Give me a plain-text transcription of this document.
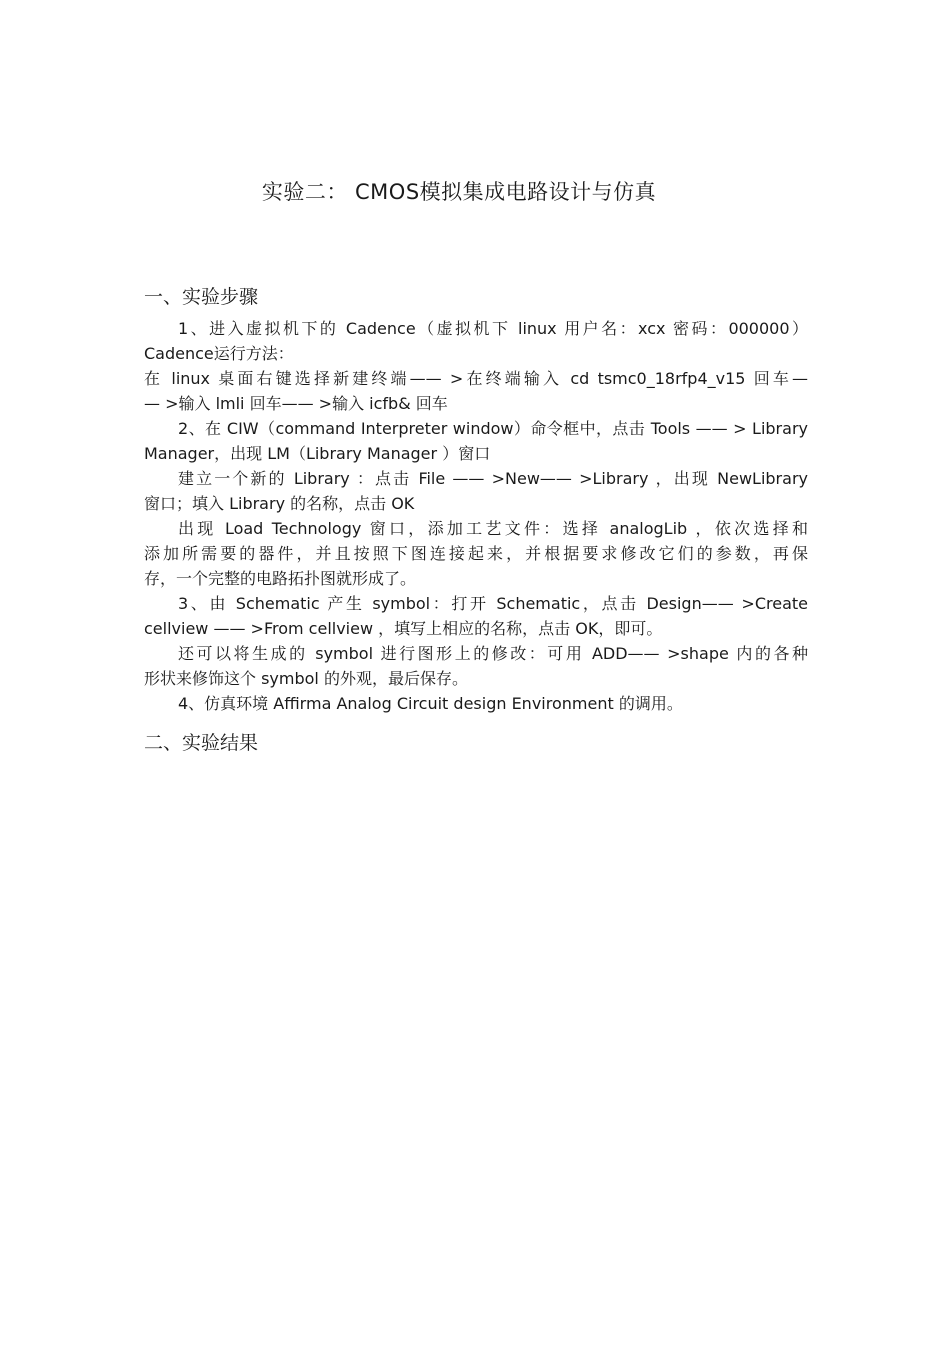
实验二： CMOS模拟集成电路设计与仿真
一、实验步骤
1、进入虚拟机下的 Cadence（虚拟机下 linux 用户名：xcx 密码：000000）
Cadence运行方法：
在 linux 桌面右键选择新建终端—— >在终端输入 cd tsmc0_18rfp4_v15 回车—
— >输入 lmli 回车—— >输入 icfb& 回车
2、在 CIW（command Interpreter window）命令框中，点击 Tools —— > Library
Manager，出现 LM（Library Manager ）窗口
建立一个新的 Library ：点击 File —— >New—— >Library ，出现 NewLibrary
窗口；填入 Library 的名称，点击 OK
出现 Load Technology 窗口，添加工艺文件：选择 analogLib ，依次选择和
添加所需要的器件，并且按照下图连接起来，并根据要求修改它们的参数，再保
存，一个完整的电路拓扑图就形成了。
3、由 Schematic 产生 symbol：打开 Schematic，点击 Design—— >Create
cellview —— >From cellview ，填写上相应的名称，点击 OK，即可。
还可以将生成的 symbol 进行图形上的修改：可用 ADD—— >shape 内的各种
形状来修饰这个 symbol 的外观，最后保存。
4、仿真环境 Affirma Analog Circuit design Environment 的调用。
二、实验结果
